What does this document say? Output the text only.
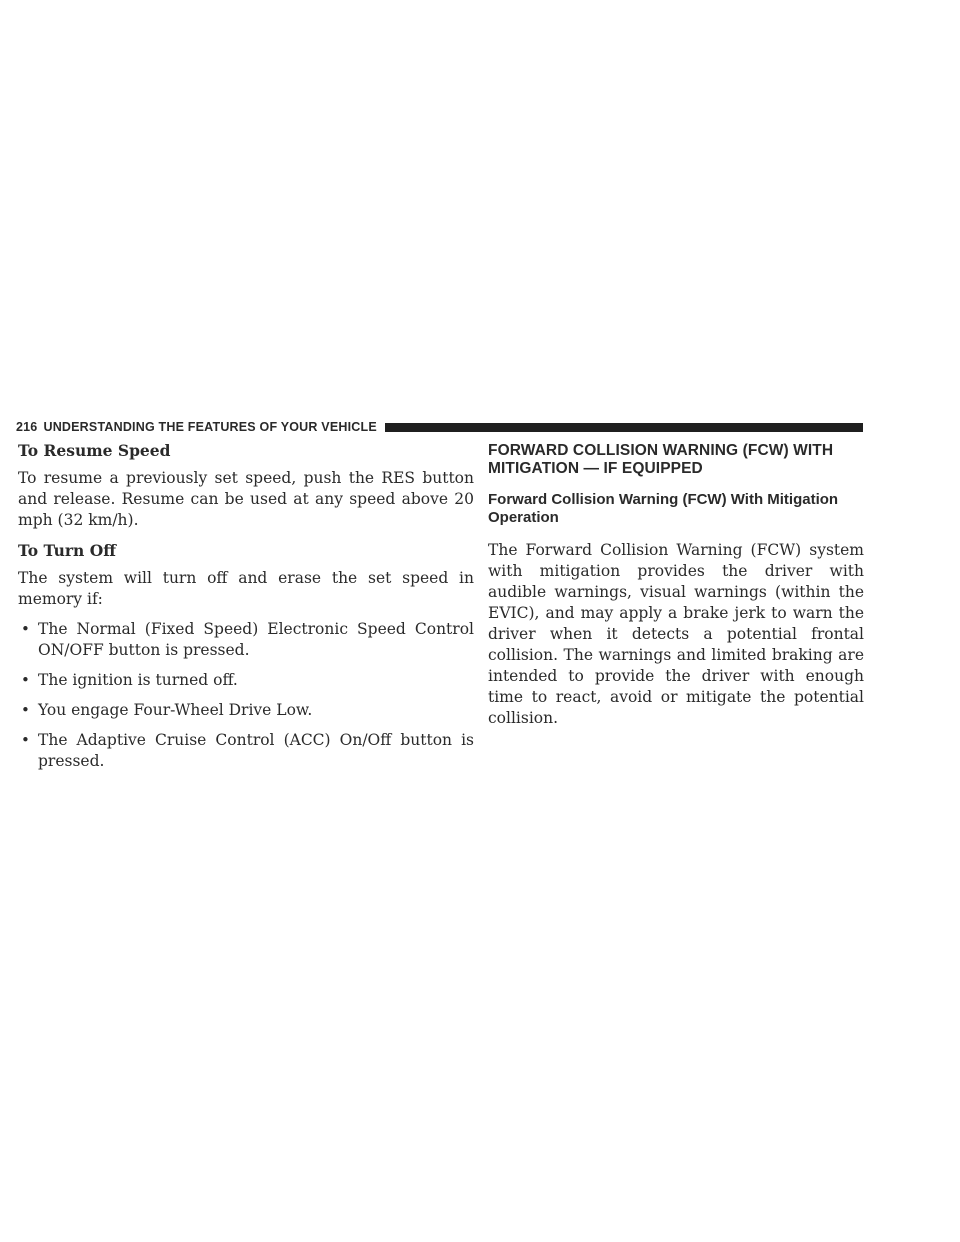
216 UNDERSTANDING THE FEATURES OF YOUR VEHICLE

To Resume Speed

To resume a previously set speed, push the RES button and release. Resume can be used at any speed above 20 mph (32 km/h).

To Turn Off

The system will turn off and erase the set speed in memory if:

• The Normal (Fixed Speed) Electronic Speed Control ON/OFF button is pressed.
• The ignition is turned off.
• You engage Four-Wheel Drive Low.
• The Adaptive Cruise Control (ACC) On/Off button is pressed.
FORWARD COLLISION WARNING (FCW) WITH MITIGATION — IF EQUIPPED
Forward Collision Warning (FCW) With Mitigation Operation

The Forward Collision Warning (FCW) system with mitigation provides the driver with audible warnings, visual warnings (within the EVIC), and may apply a brake jerk to warn the driver when it detects a potential frontal collision. The warnings and limited braking are intended to provide the driver with enough time to react, avoid or mitigate the potential collision.
